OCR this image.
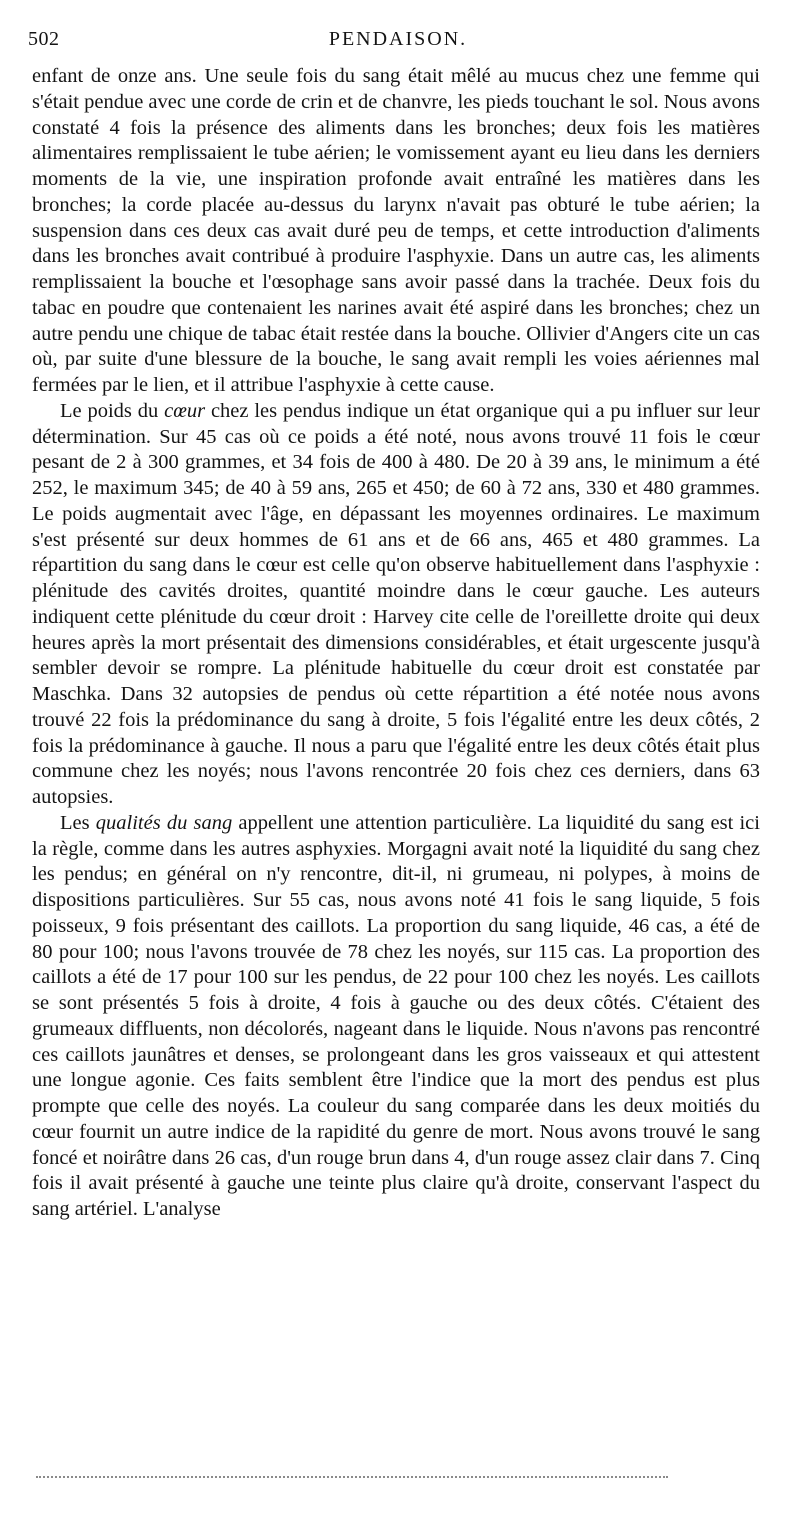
502	PENDAISON.

enfant de onze ans. Une seule fois du sang était mêlé au mucus chez une femme qui s'était pendue avec une corde de crin et de chanvre, les pieds touchant le sol. Nous avons constaté 4 fois la présence des aliments dans les bronches; deux fois les matières alimentaires remplissaient le tube aérien; le vomissement ayant eu lieu dans les derniers moments de la vie, une inspiration profonde avait entraîné les matières dans les bronches; la corde placée au-dessus du larynx n'avait pas obturé le tube aérien; la suspension dans ces deux cas avait duré peu de temps, et cette introduction d'aliments dans les bronches avait contribué à produire l'asphyxie. Dans un autre cas, les aliments remplissaient la bouche et l'œsophage sans avoir passé dans la trachée. Deux fois du tabac en poudre que contenaient les narines avait été aspiré dans les bronches; chez un autre pendu une chique de tabac était restée dans la bouche. Ollivier d'Angers cite un cas où, par suite d'une blessure de la bouche, le sang avait rempli les voies aériennes mal fermées par le lien, et il attribue l'asphyxie à cette cause.

Le poids du cœur chez les pendus indique un état organique qui a pu influer sur leur détermination. Sur 45 cas où ce poids a été noté, nous avons trouvé 11 fois le cœur pesant de 2 à 300 grammes, et 34 fois de 400 à 480. De 20 à 39 ans, le minimum a été 252, le maximum 345; de 40 à 59 ans, 265 et 450; de 60 à 72 ans, 330 et 480 grammes. Le poids augmentait avec l'âge, en dépassant les moyennes ordinaires. Le maximum s'est présenté sur deux hommes de 61 ans et de 66 ans, 465 et 480 grammes. La répartition du sang dans le cœur est celle qu'on observe habituellement dans l'asphyxie : plénitude des cavités droites, quantité moindre dans le cœur gauche. Les auteurs indiquent cette plénitude du cœur droit : Harvey cite celle de l'oreillette droite qui deux heures après la mort présentait des dimensions considérables, et était urgescente jusqu'à sembler devoir se rompre. La plénitude habituelle du cœur droit est constatée par Maschka. Dans 32 autopsies de pendus où cette répartition a été notée nous avons trouvé 22 fois la prédominance du sang à droite, 5 fois l'égalité entre les deux côtés, 2 fois la prédominance à gauche. Il nous a paru que l'égalité entre les deux côtés était plus commune chez les noyés; nous l'avons rencontrée 20 fois chez ces derniers, dans 63 autopsies.

Les qualités du sang appellent une attention particulière. La liquidité du sang est ici la règle, comme dans les autres asphyxies. Morgagni avait noté la liquidité du sang chez les pendus; en général on n'y rencontre, dit-il, ni grumeau, ni polypes, à moins de dispositions particulières. Sur 55 cas, nous avons noté 41 fois le sang liquide, 5 fois poisseux, 9 fois présentant des caillots. La proportion du sang liquide, 46 cas, a été de 80 pour 100; nous l'avons trouvée de 78 chez les noyés, sur 115 cas. La proportion des caillots a été de 17 pour 100 sur les pendus, de 22 pour 100 chez les noyés. Les caillots se sont présentés 5 fois à droite, 4 fois à gauche ou des deux côtés. C'étaient des grumeaux diffluents, non décolorés, nageant dans le liquide. Nous n'avons pas rencontré ces caillots jaunâtres et denses, se prolongeant dans les gros vaisseaux et qui attestent une longue agonie. Ces faits semblent être l'indice que la mort des pendus est plus prompte que celle des noyés. La couleur du sang comparée dans les deux moitiés du cœur fournit un autre indice de la rapidité du genre de mort. Nous avons trouvé le sang foncé et noirâtre dans 26 cas, d'un rouge brun dans 4, d'un rouge assez clair dans 7. Cinq fois il avait présenté à gauche une teinte plus claire qu'à droite, conservant l'aspect du sang artériel. L'analyse
